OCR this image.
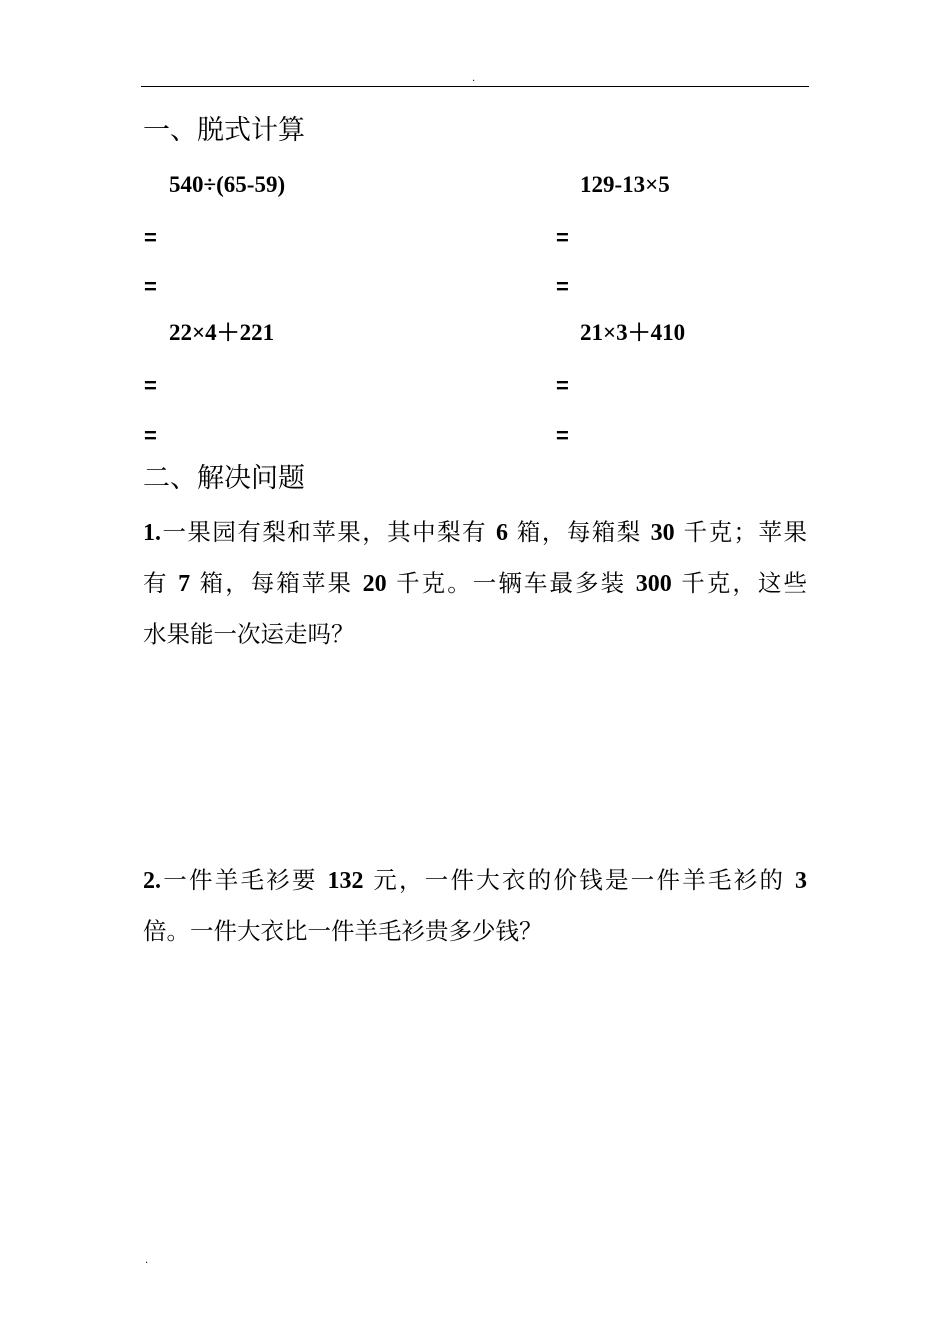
.
一、脱式计算
540÷(65-59)
=
=
129-13×5
=
=
22×4＋221
=
=
21×3＋410
=
=
二、解决问题
1.一果园有梨和苹果，其中梨有 6 箱，每箱梨 30 千克；苹果
有 7 箱，每箱苹果 20 千克。一辆车最多装 300 千克，这些
水果能一次运走吗？
2.一件羊毛衫要 132 元，一件大衣的价钱是一件羊毛衫的 3
倍。一件大衣比一件羊毛衫贵多少钱？
.
